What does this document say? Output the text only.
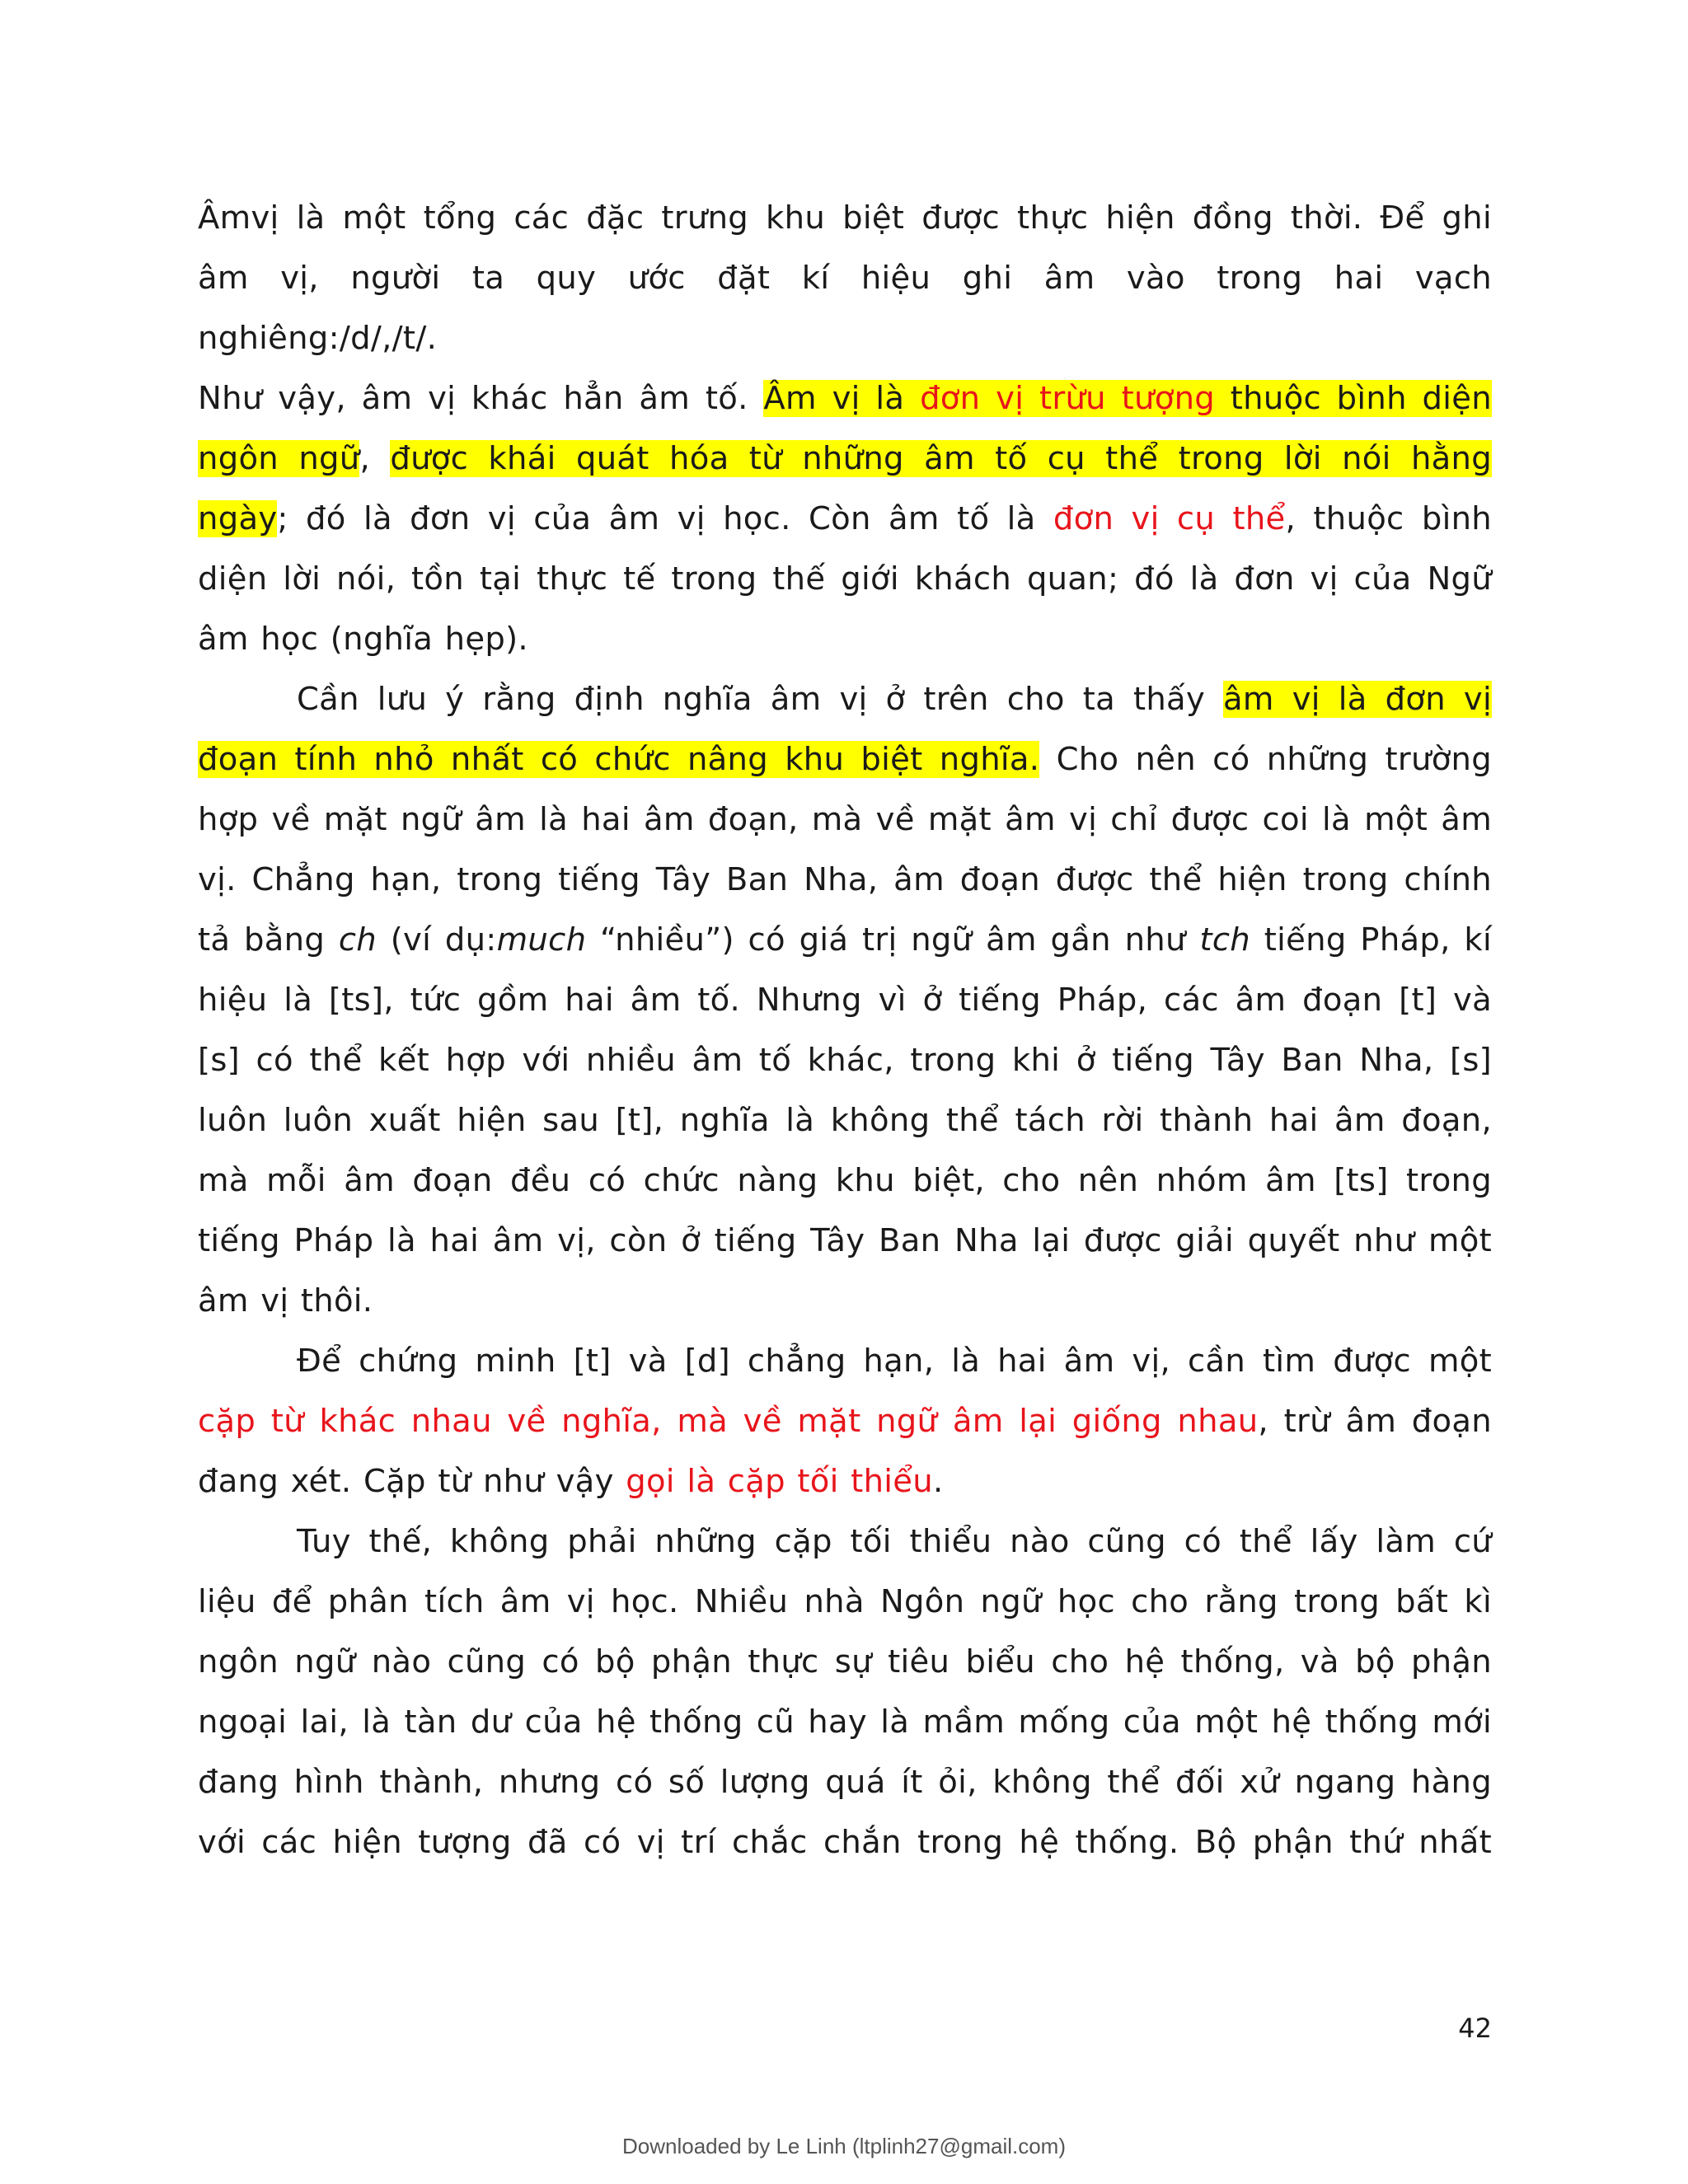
Âmvị là một tổng các đặc trưng khu biệt được thực hiện đồng thời. Để ghi
âm vị, người ta quy ước đặt kí hiệu ghi âm vào trong hai vạch
nghiêng:/d/,/t/.
Như vậy, âm vị khác hẳn âm tố. Âm vị là đơn vị trừu tượng thuộc bình diện
ngôn ngữ, được khái quát hóa từ những âm tố cụ thể trong lời nói hằng
ngày; đó là đơn vị của âm vị học. Còn âm tố là đơn vị cụ thể, thuộc bình
diện lời nói, tồn tại thực tế trong thế giới khách quan; đó là đơn vị của Ngữ
âm học (nghĩa hẹp).
Cần lưu ý rằng định nghĩa âm vị ở trên cho ta thấy âm vị là đơn vị
đoạn tính nhỏ nhất có chức nâng khu biệt nghĩa. Cho nên có những trường
hợp về mặt ngữ âm là hai âm đoạn, mà về mặt âm vị chỉ được coi là một âm
vị. Chẳng hạn, trong tiếng Tây Ban Nha, âm đoạn được thể hiện trong chính
tả bằng ch (ví dụ:much “nhiều”) có giá trị ngữ âm gần như tch tiếng Pháp, kí
hiệu là [ts], tức gồm hai âm tố. Nhưng vì ở tiếng Pháp, các âm đoạn [t] và
[s] có thể kết hợp với nhiều âm tố khác, trong khi ở tiếng Tây Ban Nha, [s]
luôn luôn xuất hiện sau [t], nghĩa là không thể tách rời thành hai âm đoạn,
mà mỗi âm đoạn đều có chức nàng khu biệt, cho nên nhóm âm [ts] trong
tiếng Pháp là hai âm vị, còn ở tiếng Tây Ban Nha lại được giải quyết như một
âm vị thôi.
Để chứng minh [t] và [d] chẳng hạn, là hai âm vị, cần tìm được một
cặp từ khác nhau về nghĩa, mà về mặt ngữ âm lại giống nhau, trừ âm đoạn
đang xét. Cặp từ như vậy gọi là cặp tối thiểu.
Tuy thế, không phải những cặp tối thiểu nào cũng có thể lấy làm cứ
liệu để phân tích âm vị học. Nhiều nhà Ngôn ngữ học cho rằng trong bất kì
ngôn ngữ nào cũng có bộ phận thực sự tiêu biểu cho hệ thống, và bộ phận
ngoại lai, là tàn dư của hệ thống cũ hay là mầm mống của một hệ thống mới
đang hình thành, nhưng có số lượng quá ít ỏi, không thể đối xử ngang hàng
với các hiện tượng đã có vị trí chắc chắn trong hệ thống. Bộ phận thứ nhất
42
Downloaded by Le Linh (ltplinh27@gmail.com)
